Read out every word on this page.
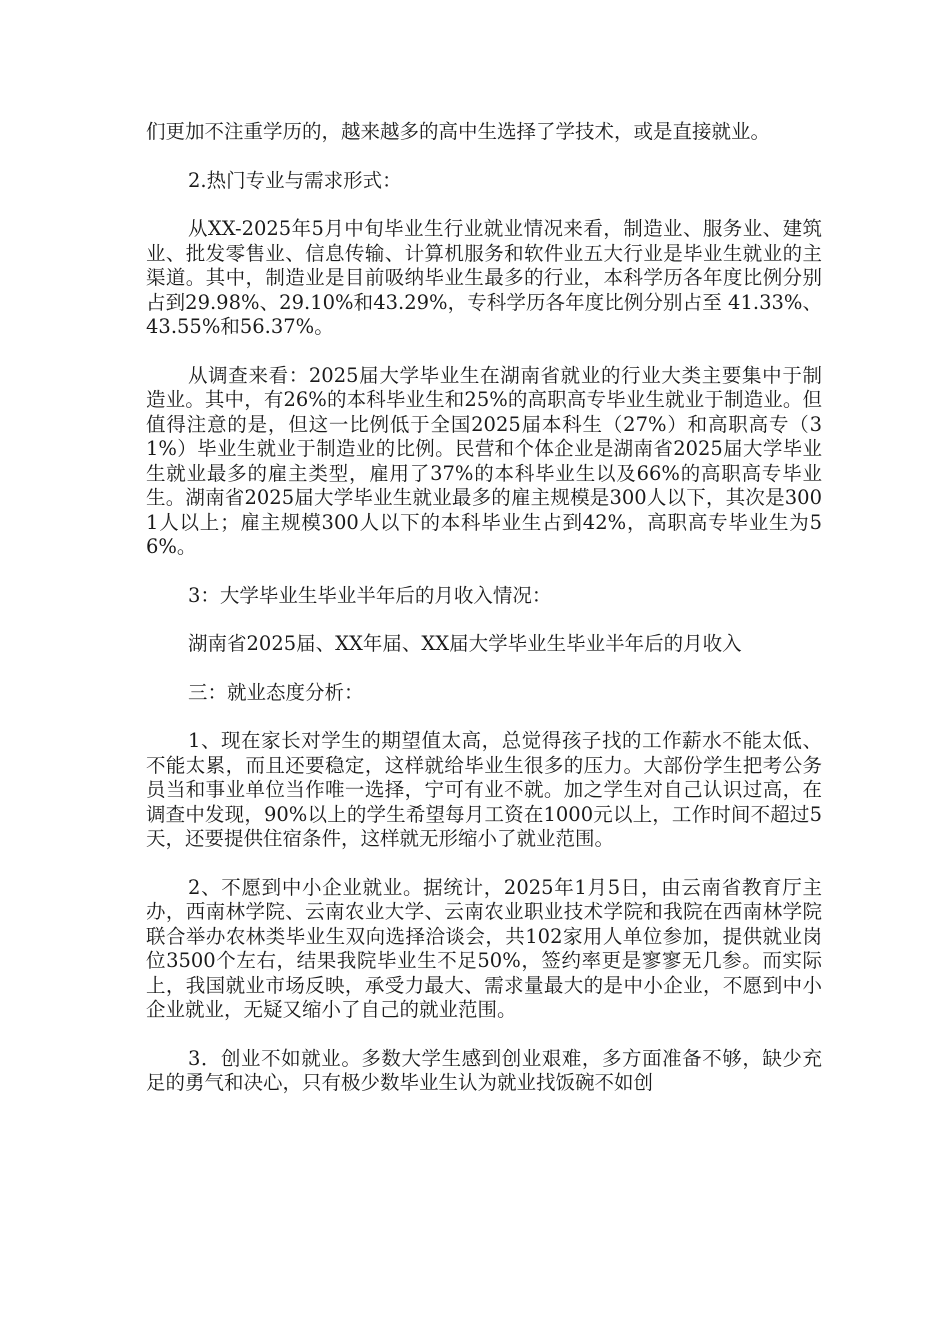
们更加不注重学历的，越来越多的高中生选择了学技术，或是直接就业。

2.热门专业与需求形式：

从XX-2025年5月中旬毕业生行业就业情况来看，制造业、服务业、建筑业、批发零售业、信息传输、计算机服务和软件业五大行业是毕业生就业的主渠道。其中，制造业是目前吸纳毕业生最多的行业，本科学历各年度比例分别占到29.98%、29.10%和43.29%，专科学历各年度比例分别占至 41.33%、43.55%和56.37%。

从调查来看：2025届大学毕业生在湖南省就业的行业大类主要集中于制造业。其中，有26%的本科毕业生和25%的高职高专毕业生就业于制造业。但值得注意的是，但这一比例低于全国2025届本科生（27%）和高职高专（31%）毕业生就业于制造业的比例。民营和个体企业是湖南省2025届大学毕业生就业最多的雇主类型，雇用了37%的本科毕业生以及66%的高职高专毕业生。湖南省2025届大学毕业生就业最多的雇主规模是300人以下，其次是3001人以上；雇主规模300人以下的本科毕业生占到42%，高职高专毕业生为56%。

3：大学毕业生毕业半年后的月收入情况：

湖南省2025届、XX年届、XX届大学毕业生毕业半年后的月收入

三：就业态度分析：

1、现在家长对学生的期望值太高，总觉得孩子找的工作薪水不能太低、不能太累，而且还要稳定，这样就给毕业生很多的压力。大部份学生把考公务员当和事业单位当作唯一选择，宁可有业不就。加之学生对自己认识过高，在调查中发现，90%以上的学生希望每月工资在1000元以上，工作时间不超过5天，还要提供住宿条件，这样就无形缩小了就业范围。

2、不愿到中小企业就业。据统计，2025年1月5日，由云南省教育厅主办，西南林学院、云南农业大学、云南农业职业技术学院和我院在西南林学院联合举办农林类毕业生双向选择洽谈会，共102家用人单位参加，提供就业岗位3500个左右，结果我院毕业生不足50%，签约率更是寥寥无几参。而实际上，我国就业市场反映，承受力最大、需求量最大的是中小企业，不愿到中小企业就业，无疑又缩小了自己的就业范围。

3．创业不如就业。多数大学生感到创业艰难，多方面准备不够，缺少充足的勇气和决心，只有极少数毕业生认为就业找饭碗不如创
